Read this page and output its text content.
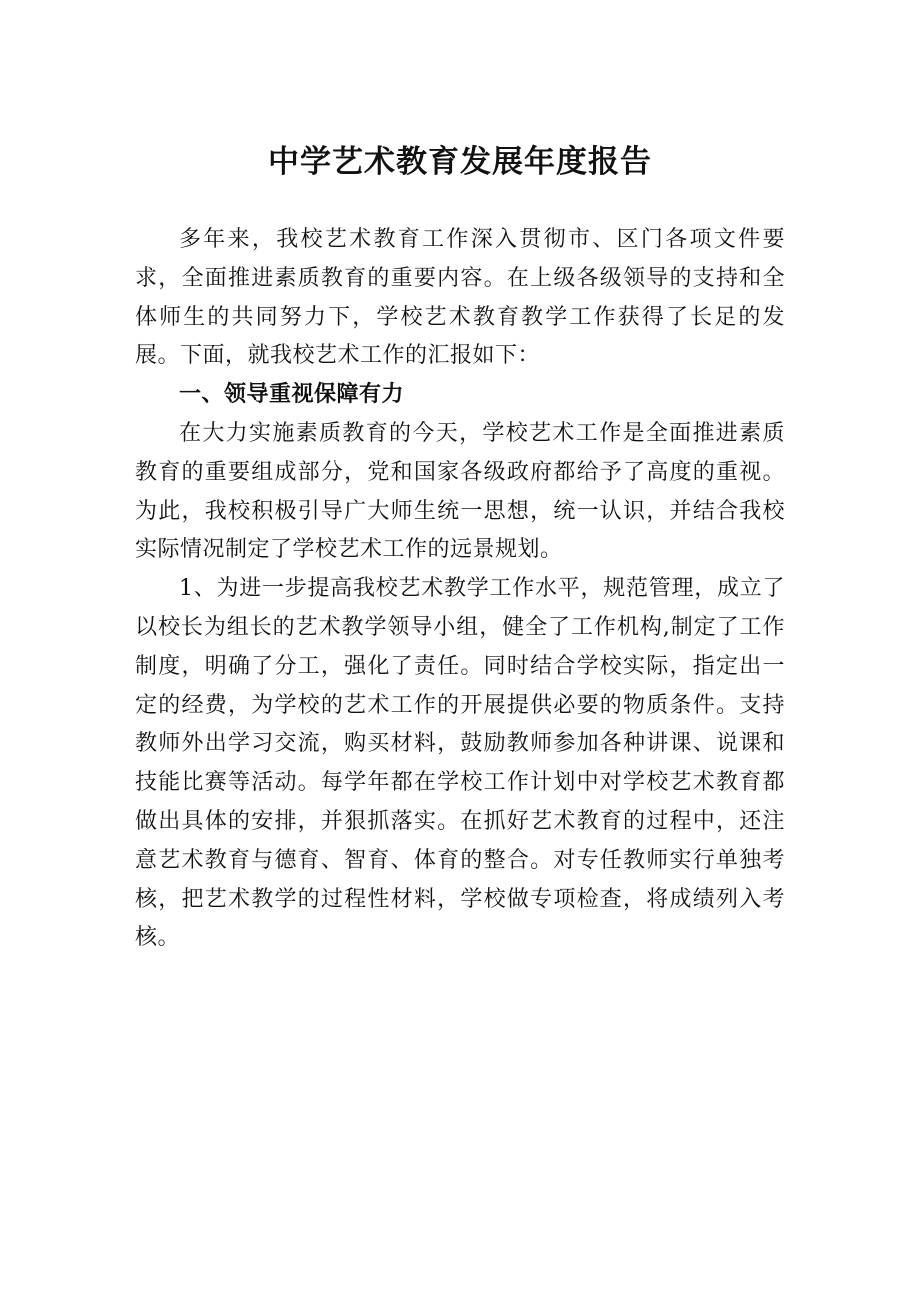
中学艺术教育发展年度报告

多年来，我校艺术教育工作深入贯彻市、区门各项文件要求，全面推进素质教育的重要内容。在上级各级领导的支持和全体师生的共同努力下，学校艺术教育教学工作获得了长足的发展。下面，就我校艺术工作的汇报如下：

一、领导重视保障有力

在大力实施素质教育的今天，学校艺术工作是全面推进素质教育的重要组成部分，党和国家各级政府都给予了高度的重视。为此，我校积极引导广大师生统一思想，统一认识，并结合我校实际情况制定了学校艺术工作的远景规划。

1、为进一步提高我校艺术教学工作水平，规范管理，成立了以校长为组长的艺术教学领导小组，健全了工作机构,制定了工作制度，明确了分工，强化了责任。同时结合学校实际，指定出一定的经费，为学校的艺术工作的开展提供必要的物质条件。支持教师外出学习交流，购买材料，鼓励教师参加各种讲课、说课和技能比赛等活动。每学年都在学校工作计划中对学校艺术教育都做出具体的安排，并狠抓落实。在抓好艺术教育的过程中，还注意艺术教育与德育、智育、体育的整合。对专任教师实行单独考核，把艺术教学的过程性材料，学校做专项检查，将成绩列入考核。
